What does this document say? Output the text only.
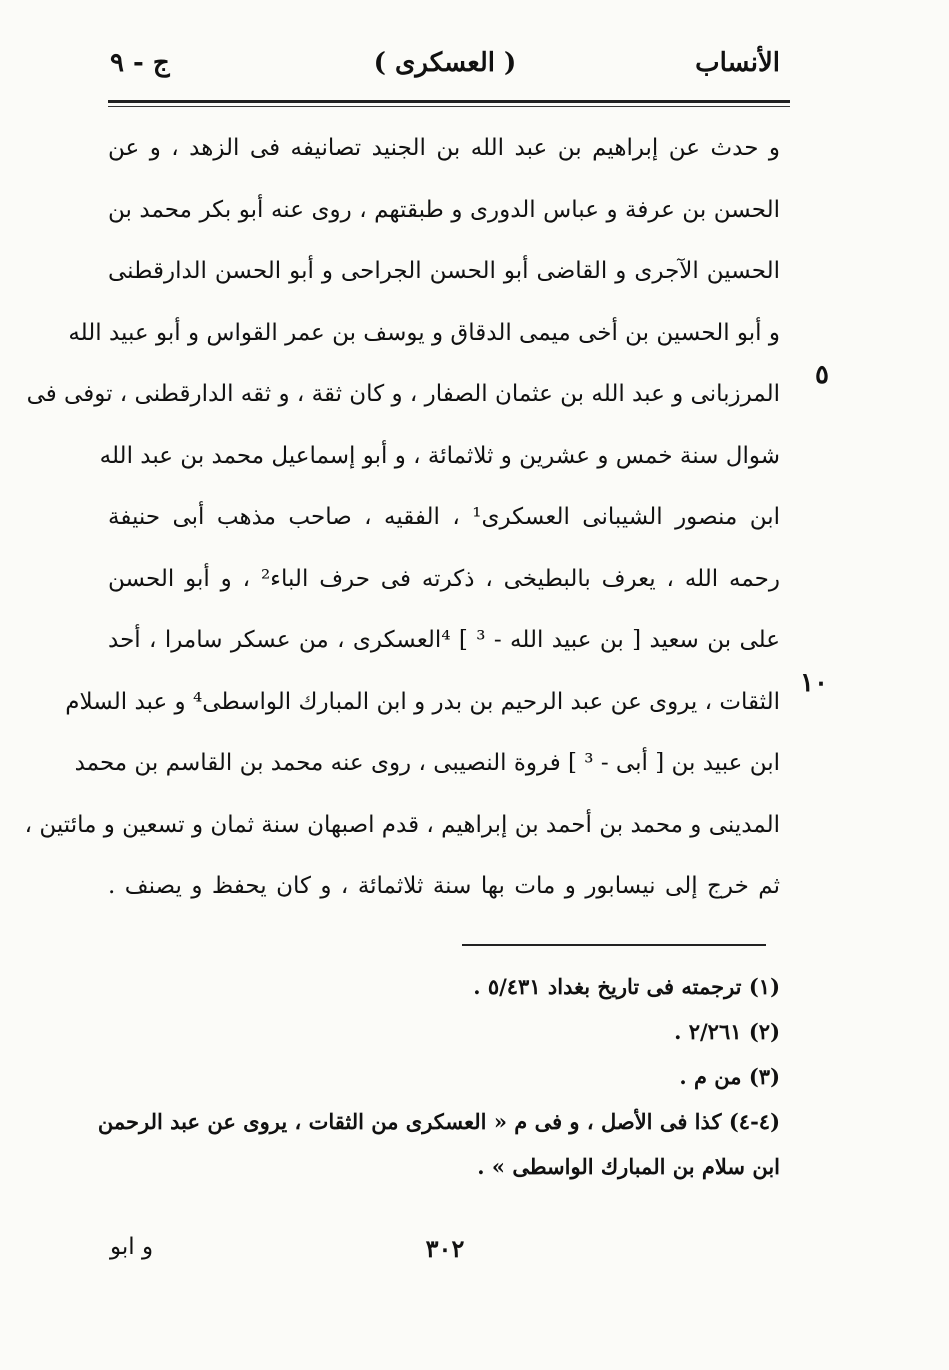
الأنساب
( العسكرى )
ج - ٩
و حدث عن إبراهيم بن عبد الله بن الجنيد تصانيفه فى الزهد ، و عن
الحسن بن عرفة و عباس الدورى و طبقتهم ، روى عنه أبو بكر محمد بن
الحسين الآجرى و القاضى أبو الحسن الجراحى و أبو الحسن الدارقطنى
و أبو الحسين بن أخى ميمى الدقاق و يوسف بن عمر القواس و أبو عبيد الله
المرزبانى و عبد الله بن عثمان الصفار ، و كان ثقة ، و ثقه الدارقطنى ، توفى فى
شوال سنة خمس و عشرين و ثلاثمائة ، و أبو إسماعيل محمد بن عبد الله
ابن منصور الشيبانى العسكرى¹ ، الفقيه ، صاحب مذهب أبى حنيفة
رحمه الله ، يعرف بالبطيخى ، ذكرته فى حرف الباء² ، و أبو الحسن
على بن سعيد [ بن عبيد الله - ³ ] ⁴العسكرى ، من عسكر سامرا ، أحد
الثقات ، يروى عن عبد الرحيم بن بدر و ابن المبارك الواسطى⁴ و عبد السلام
ابن عبيد بن [ أبى - ³ ] فروة النصيبى ، روى عنه محمد بن القاسم بن محمد
المدينى و محمد بن أحمد بن إبراهيم ، قدم اصبهان سنة ثمان و تسعين و مائتين ،
ثم خرج إلى نيسابور و مات بها سنة ثلاثمائة ، و كان يحفظ و يصنف .
٥
١٠
(١) ترجمته فى تاريخ بغداد ٥/٤٣١ .
(٢) ٢/٢٦١ .
(٣) من م .
(٤-٤) كذا فى الأصل ، و فى م « العسكرى من الثقات ، يروى عن عبد الرحمن
ابن سلام بن المبارك الواسطى » .
٣٠٢
و ابو
